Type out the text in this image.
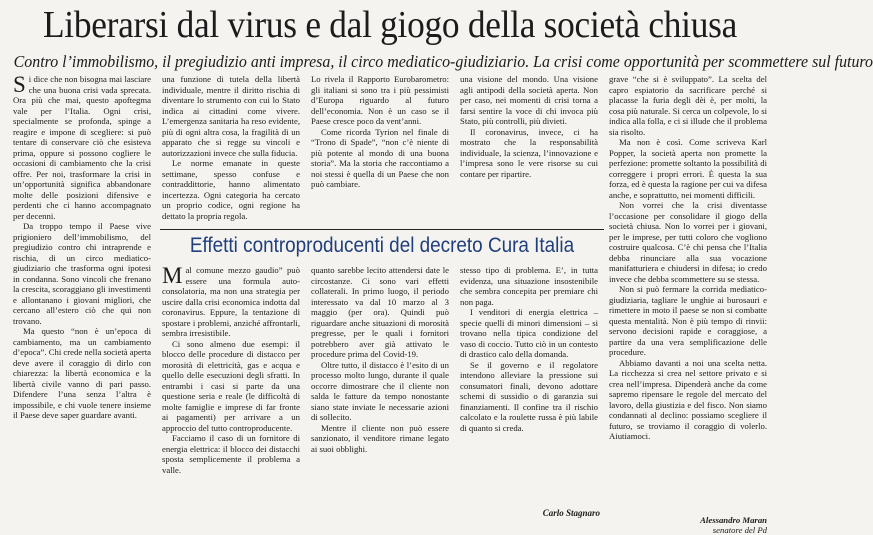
Liberarsi dal virus e dal giogo della società chiusa
Contro l’immobilismo, il pregiudizio anti impresa, il circo mediatico-giudiziario. La crisi come opportunità per scommettere sul futuro

Si dice che non bisogna mai lasciare che una buona crisi vada sprecata. Ora più che mai, questo apoftegma vale per l’Italia. Ogni crisi, specialmente se profonda, spinge a reagire e impone di scegliere: si può tentare di conservare ciò che esisteva prima, oppure si possono cogliere le occasioni di cambiamento che la crisi offre. Per noi, trasformare la crisi in un’opportunità significa abbandonare molte delle posizioni difensive e perdenti che ci hanno accompagnato per decenni.

Da troppo tempo il Paese vive prigioniero dell’immobilismo, del pregiudizio contro chi intraprende e rischia, di un circo mediatico-giudiziario che trasforma ogni ipotesi in condanna. Sono vincoli che frenano la crescita, scoraggiano gli investimenti e allontanano i giovani migliori, che cercano all’estero ciò che qui non trovano.

Ma questo “non è un’epoca di cambiamento, ma un cambiamento d’epoca”. Chi crede nella società aperta deve avere il coraggio di dirlo con chiarezza: la libertà economica e la libertà civile vanno di pari passo. Difendere l’una senza l’altra è impossibile, e chi vuole tenere insieme il Paese deve saper guardare avanti.

una funzione di tutela della libertà individuale, mentre il diritto rischia di diventare lo strumento con cui lo Stato indica ai cittadini come vivere. L’emergenza sanitaria ha reso evidente, più di ogni altra cosa, la fragilità di un apparato che si regge su vincoli e autorizzazioni invece che sulla fiducia.

Le norme emanate in queste settimane, spesso confuse e contraddittorie, hanno alimentato incertezza. Ogni categoria ha cercato un proprio codice, ogni regione ha dettato la propria regola.

Lo rivela il Rapporto Eurobarometro: gli italiani si sono tra i più pessimisti d’Europa riguardo al futuro dell’economia. Non è un caso se il Paese cresce poco da vent’anni.

Come ricorda Tyrion nel finale di “Trono di Spade”, “non c’è niente di più potente al mondo di una buona storia”. Ma la storia che raccontiamo a noi stessi è quella di un Paese che non può cambiare.

una visione del mondo. Una visione agli antipodi della società aperta. Non per caso, nei momenti di crisi torna a farsi sentire la voce di chi invoca più Stato, più controlli, più divieti.

Il coronavirus, invece, ci ha mostrato che la responsabilità individuale, la scienza, l’innovazione e l’impresa sono le vere risorse su cui contare per ripartire.

grave “che si è sviluppato”. La scelta del capro espiatorio da sacrificare perché si placasse la furia degli dèi è, per molti, la cosa più naturale. Si cerca un colpevole, lo si indica alla folla, e ci si illude che il problema sia risolto.

Ma non è così. Come scriveva Karl Popper, la società aperta non promette la perfezione: promette soltanto la possibilità di correggere i propri errori. È questa la sua forza, ed è questa la ragione per cui va difesa anche, e soprattutto, nei momenti difficili.

Non vorrei che la crisi diventasse l’occasione per consolidare il giogo della società chiusa. Non lo vorrei per i giovani, per le imprese, per tutti coloro che vogliono costruire qualcosa. C’è chi pensa che l’Italia debba rinunciare alla sua vocazione manifatturiera e chiudersi in difesa; io credo invece che debba scommettere su se stessa.

Non si può fermare la corrida mediatico-giudiziaria, tagliare le unghie ai burosauri e rimettere in moto il paese se non si combatte questa mentalità. Non è più tempo di rinvii: servono decisioni rapide e coraggiose, a partire da una vera semplificazione delle procedure.

Abbiamo davanti a noi una scelta netta. La ricchezza si crea nel settore privato e si crea nell’impresa. Dipenderà anche da come sapremo ripensare le regole del mercato del lavoro, della giustizia e del fisco. Non siamo condannati al declino: possiamo scegliere il futuro, se troviamo il coraggio di volerlo. Aiutiamoci.

Alessandro Maran
senatore del Pd
Effetti controproducenti del decreto Cura Italia

Mal comune mezzo gaudio” può essere una formula auto-consolatoria, ma non una strategia per uscire dalla crisi economica indotta dal coronavirus. Eppure, la tentazione di spostare i problemi, anziché affrontarli, sembra irresistibile.

Ci sono almeno due esempi: il blocco delle procedure di distacco per morosità di elettricità, gas e acqua e quello delle esecuzioni degli sfratti. In entrambi i casi si parte da una questione seria e reale (le difficoltà di molte famiglie e imprese di far fronte ai pagamenti) per arrivare a un approccio del tutto controproducente.

Facciamo il caso di un fornitore di energia elettrica: il blocco dei distacchi sposta semplicemente il problema a valle.

quanto sarebbe lecito attendersi date le circostanze. Ci sono vari effetti collaterali. In primo luogo, il periodo interessato va dal 10 marzo al 3 maggio (per ora). Quindi può riguardare anche situazioni di morosità pregresse, per le quali i fornitori potrebbero aver già attivato le procedure prima del Covid-19.

Oltre tutto, il distacco è l’esito di un processo molto lungo, durante il quale occorre dimostrare che il cliente non salda le fatture da tempo nonostante siano state inviate le necessarie azioni di sollecito.

Mentre il cliente non può essere sanzionato, il venditore rimane legato ai suoi obblighi.

stesso tipo di problema. E’, in tutta evidenza, una situazione insostenibile che sembra concepita per premiare chi non paga.

I venditori di energia elettrica – specie quelli di minori dimensioni – si trovano nella tipica condizione del vaso di coccio. Tutto ciò in un contesto di drastico calo della domanda.

Se il governo e il regolatore intendono alleviare la pressione sui consumatori finali, devono adottare schemi di sussidio o di garanzia sui finanziamenti. Il confine tra il rischio calcolato e la roulette russa è più labile di quanto si creda.

Carlo Stagnaro
